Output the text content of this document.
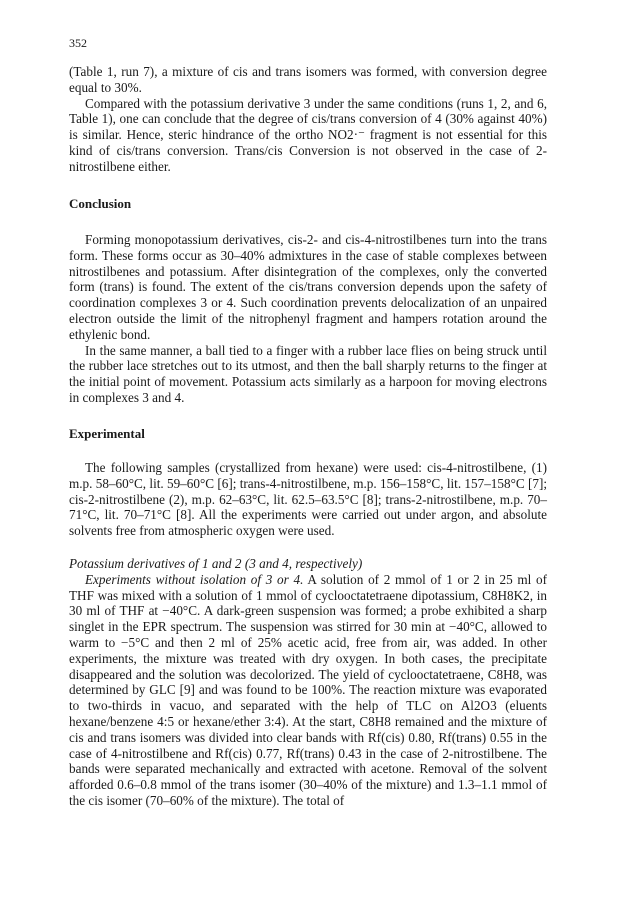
352

(Table 1, run 7), a mixture of cis and trans isomers was formed, with conversion degree equal to 30%.

Compared with the potassium derivative 3 under the same conditions (runs 1, 2, and 6, Table 1), one can conclude that the degree of cis/trans conversion of 4 (30% against 40%) is similar. Hence, steric hindrance of the ortho NO2·⁻ fragment is not essential for this kind of cis/trans conversion. Trans/cis Conversion is not observed in the case of 2-nitrostilbene either.

Conclusion

Forming monopotassium derivatives, cis-2- and cis-4-nitrostilbenes turn into the trans form. These forms occur as 30–40% admixtures in the case of stable complexes between nitrostilbenes and potassium. After disintegration of the complexes, only the converted form (trans) is found. The extent of the cis/trans conversion depends upon the safety of coordination complexes 3 or 4. Such coordination prevents delocalization of an unpaired electron outside the limit of the nitrophenyl fragment and hampers rotation around the ethylenic bond.

In the same manner, a ball tied to a finger with a rubber lace flies on being struck until the rubber lace stretches out to its utmost, and then the ball sharply returns to the finger at the initial point of movement. Potassium acts similarly as a harpoon for moving electrons in complexes 3 and 4.

Experimental

The following samples (crystallized from hexane) were used: cis-4-nitrostilbene, (1) m.p. 58–60°C, lit. 59–60°C [6]; trans-4-nitrostilbene, m.p. 156–158°C, lit. 157–158°C [7]; cis-2-nitrostilbene (2), m.p. 62–63°C, lit. 62.5–63.5°C [8]; trans-2-nitrostilbene, m.p. 70–71°C, lit. 70–71°C [8]. All the experiments were carried out under argon, and absolute solvents free from atmospheric oxygen were used.

Potassium derivatives of 1 and 2 (3 and 4, respectively)

Experiments without isolation of 3 or 4. A solution of 2 mmol of 1 or 2 in 25 ml of THF was mixed with a solution of 1 mmol of cyclooctatetraene dipotassium, C8H8K2, in 30 ml of THF at −40°C. A dark-green suspension was formed; a probe exhibited a sharp singlet in the EPR spectrum. The suspension was stirred for 30 min at −40°C, allowed to warm to −5°C and then 2 ml of 25% acetic acid, free from air, was added. In other experiments, the mixture was treated with dry oxygen. In both cases, the precipitate disappeared and the solution was decolorized. The yield of cyclooctatetraene, C8H8, was determined by GLC [9] and was found to be 100%. The reaction mixture was evaporated to two-thirds in vacuo, and separated with the help of TLC on Al2O3 (eluents hexane/benzene 4:5 or hexane/ether 3:4). At the start, C8H8 remained and the mixture of cis and trans isomers was divided into clear bands with Rf(cis) 0.80, Rf(trans) 0.55 in the case of 4-nitrostilbene and Rf(cis) 0.77, Rf(trans) 0.43 in the case of 2-nitrostilbene. The bands were separated mechanically and extracted with acetone. Removal of the solvent afforded 0.6–0.8 mmol of the trans isomer (30–40% of the mixture) and 1.3–1.1 mmol of the cis isomer (70–60% of the mixture). The total of
